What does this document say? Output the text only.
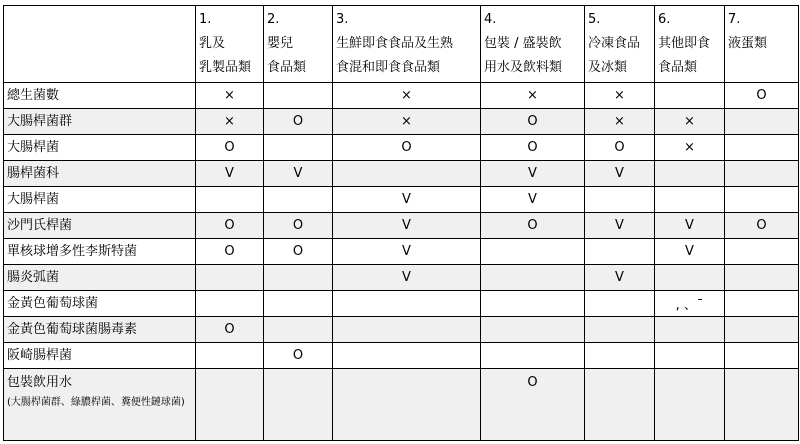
	1.
乳及
乳製品類	2.
嬰兒
食品類	3.
生鮮即食食品及生熟
食混和即食食品類	4.
包裝 / 盛裝飲
用水及飲料類	5.
冷凍食品
及冰類	6.
其他即食
食品類	7.
液蛋類

總生菌數	×		×	×	×		O

大腸桿菌群	×	O	×	O	×	×	

大腸桿菌	O		O	O	O	×	

腸桿菌科	V	V		V	V		

大腸桿菌			V	V			

沙門氏桿菌	O	O	V	O	V	V	O

單核球增多性李斯特菌	O	O	V			V	

腸炎弧菌			V		V		

金黃色葡萄球菌						, 、ˉ	

金黃色葡萄球菌腸毒素	O						

阪崎腸桿菌		O					

包裝飲用水
(大腸桿菌群、綠膿桿菌、糞便性鏈球菌)				O			
